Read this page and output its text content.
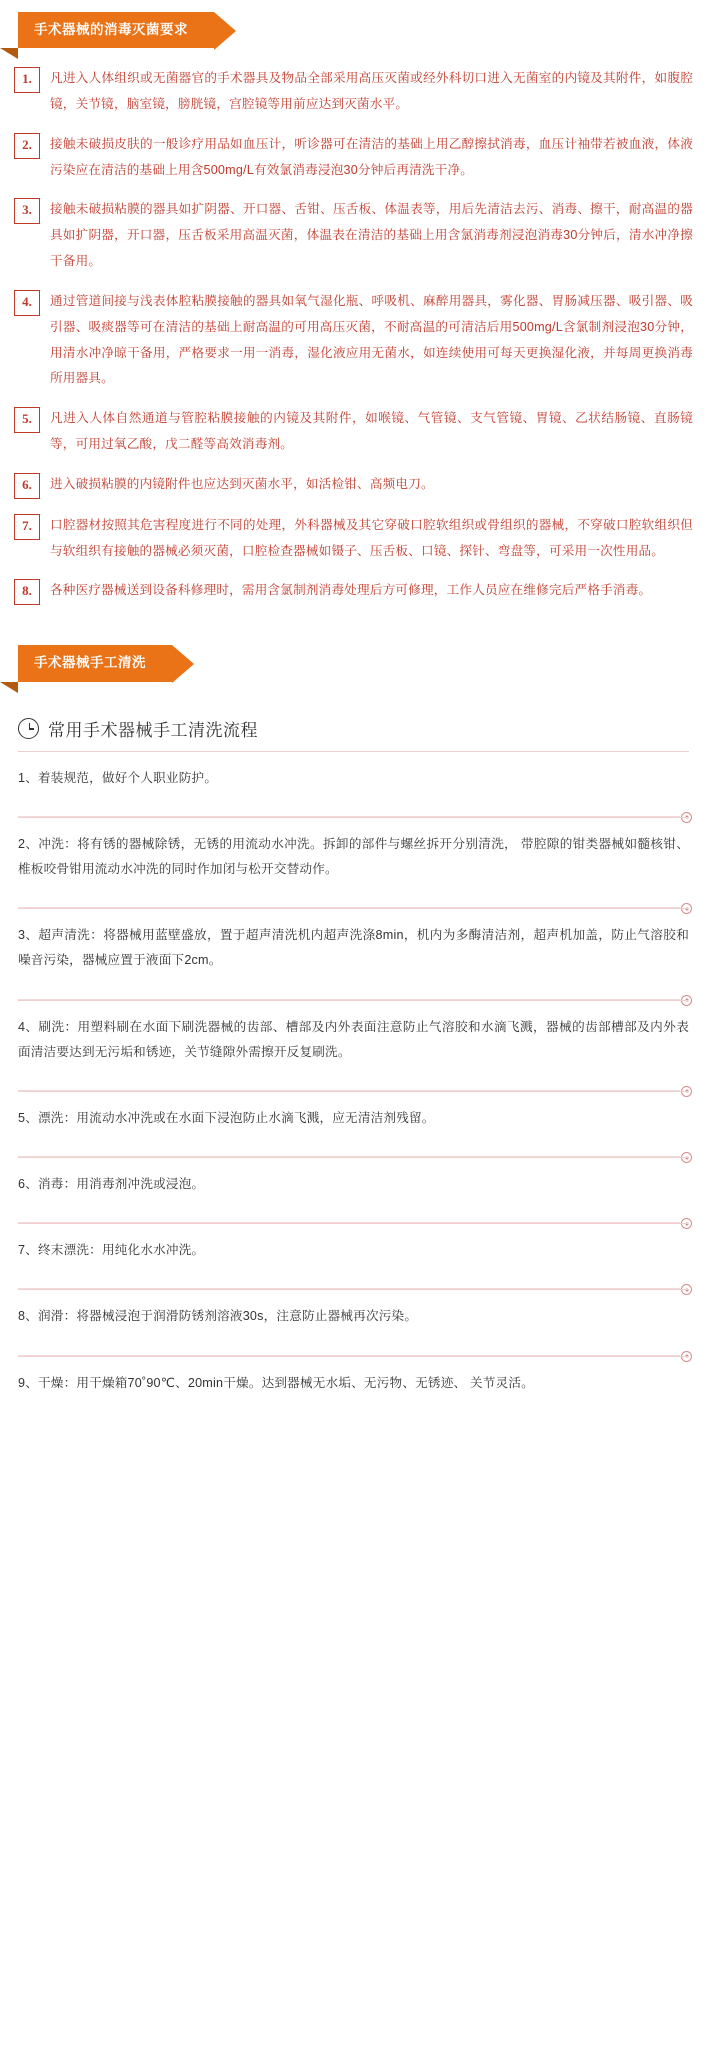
手术器械的消毒灭菌要求
1. 凡进入人体组织或无菌器官的手术器具及物品全部采用高压灭菌或经外科切口进入无菌室的内镜及其附件，如腹腔镜，关节镜，脑室镜，膀胱镜，宫腔镜等用前应达到灭菌水平。
2. 接触未破损皮肤的一般诊疗用品如血压计，听诊器可在清洁的基础上用乙醇擦拭消毒，血压计袖带若被血液，体液污染应在清洁的基础上用含500mg/L有效氯消毒浸泡30分钟后再清洗干净。
3. 接触未破损粘膜的器具如扩阴器、开口器、舌钳、压舌板、体温表等，用后先清洁去污、消毒、擦干，耐高温的器具如扩阴器，开口器，压舌板采用高温灭菌，体温表在清洁的基础上用含氯消毒剂浸泡消毒30分钟后，清水冲净擦干备用。
4. 通过管道间接与浅表体腔粘膜接触的器具如氧气湿化瓶、呼吸机、麻醉用器具，雾化器、胃肠减压器、吸引器、吸引器、吸痰器等可在清洁的基础上耐高温的可用高压灭菌，不耐高温的可清洁后用500mg/L含氯制剂浸泡30分钟，用清水冲净晾干备用，严格要求一用一消毒，湿化液应用无菌水，如连续使用可每天更换湿化液，并每周更换消毒所用器具。
5. 凡进入人体自然通道与管腔粘膜接触的内镜及其附件，如喉镜、气管镜、支气管镜、胃镜、乙状结肠镜、直肠镜等，可用过氧乙酸，戊二醛等高效消毒剂。
6. 进入破损粘膜的内镜附件也应达到灭菌水平，如活检钳、高频电刀。
7. 口腔器材按照其危害程度进行不同的处理，外科器械及其它穿破口腔软组织或骨组织的器械，不穿破口腔软组织但与软组织有接触的器械必须灭菌，口腔检查器械如镊子、压舌板、口镜、探针、弯盘等，可采用一次性用品。
8. 各种医疗器械送到设备科修理时，需用含氯制剂消毒处理后方可修理，工作人员应在维修完后严格手消毒。
手术器械手工清洗
常用手术器械手工清洗流程
1、着装规范，做好个人职业防护。
2、冲洗：将有锈的器械除锈，无锈的用流动水冲洗。拆卸的部件与螺丝拆开分别清洗， 带腔隙的钳类器械如髓核钳、椎板咬骨钳用流动水冲洗的同时作加闭与松开交替动作。
3、超声清洗：将器械用蓝壁盛放，置于超声清洗机内超声洗涤8min，机内为多酶清洁剂，超声机加盖，防止气溶胶和噪音污染，器械应置于液面下2cm。
4、刷洗：用塑料刷在水面下刷洗器械的齿部、槽部及内外表面注意防止气溶胶和水滴飞溅，器械的齿部槽部及内外表面清洁要达到无污垢和锈迹，关节缝隙外需擦开反复刷洗。
5、漂洗：用流动水冲洗或在水面下浸泡防止水滴飞溅，应无清洁剂残留。
6、消毒：用消毒剂冲洗或浸泡。
7、终末漂洗：用纯化水水冲洗。
8、润滑：将器械浸泡于润滑防锈剂溶液30s，注意防止器械再次污染。
9、干燥：用干燥箱70˚90℃、20min干燥。达到器械无水垢、无污物、无锈迹、 关节灵活。
